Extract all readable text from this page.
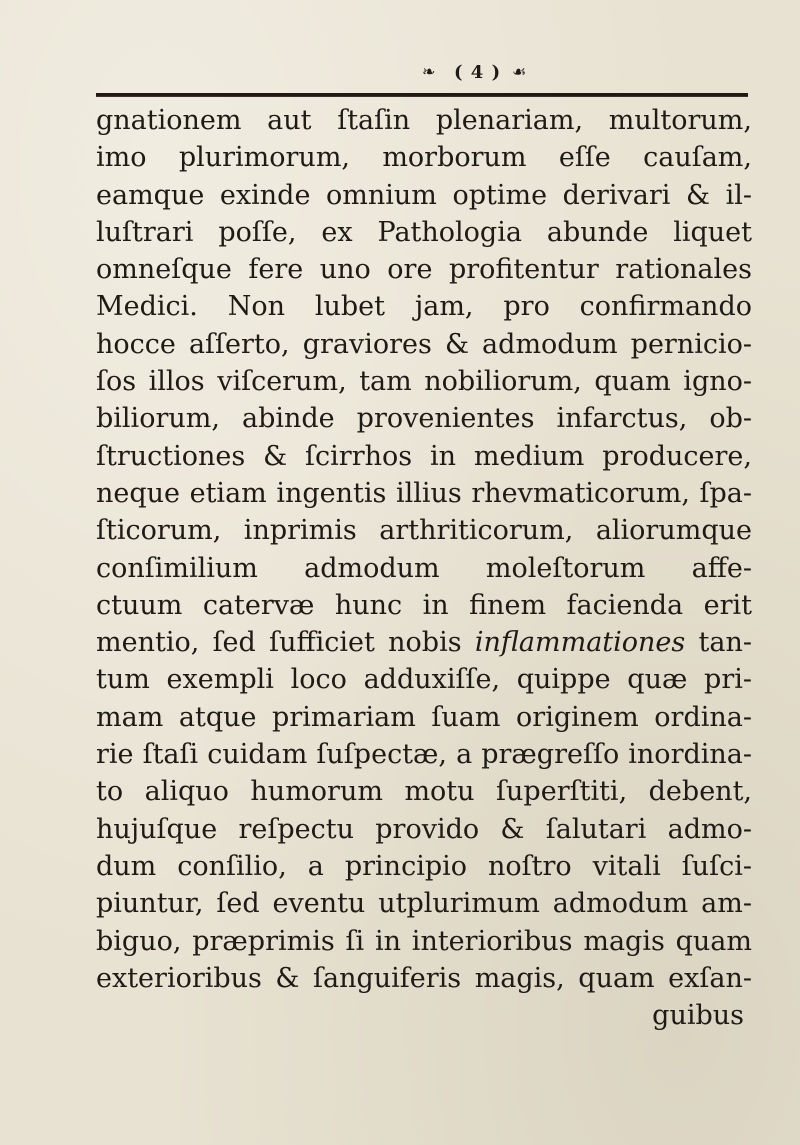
❧ ( 4 ) ☙
gnationem aut ſtaſin plenariam, multorum,
imo plurimorum, morborum eſſe cauſam,
eamque exinde omnium optime derivari & il-
luſtrari poſſe, ex Pathologia abunde liquet
omneſque fere uno ore profitentur rationales
Medici. Non lubet jam, pro confirmando
hocce aſſerto, graviores & admodum pernicio-
ſos illos viſcerum, tam nobiliorum, quam igno-
biliorum, abinde provenientes infarctus, ob-
ſtructiones & ſcirrhos in medium producere,
neque etiam ingentis illius rhevmaticorum, ſpa-
ſticorum, inprimis arthriticorum, aliorumque
conſimilium admodum moleſtorum affe-
ctuum catervæ hunc in finem facienda erit
mentio, ſed ſufficiet nobis inflammationes tan-
tum exempli loco adduxiſſe, quippe quæ pri-
mam atque primariam ſuam originem ordina-
rie ſtaſi cuidam ſuſpectæ, a prægreſſo inordina-
to aliquo humorum motu ſuperſtiti, debent,
hujuſque reſpectu provido & ſalutari admo-
dum conſilio, a principio noſtro vitali ſuſci-
piuntur, ſed eventu utplurimum admodum am-
biguo, præprimis ſi in interioribus magis quam
exterioribus & ſanguiferis magis, quam exſan-
guibus
